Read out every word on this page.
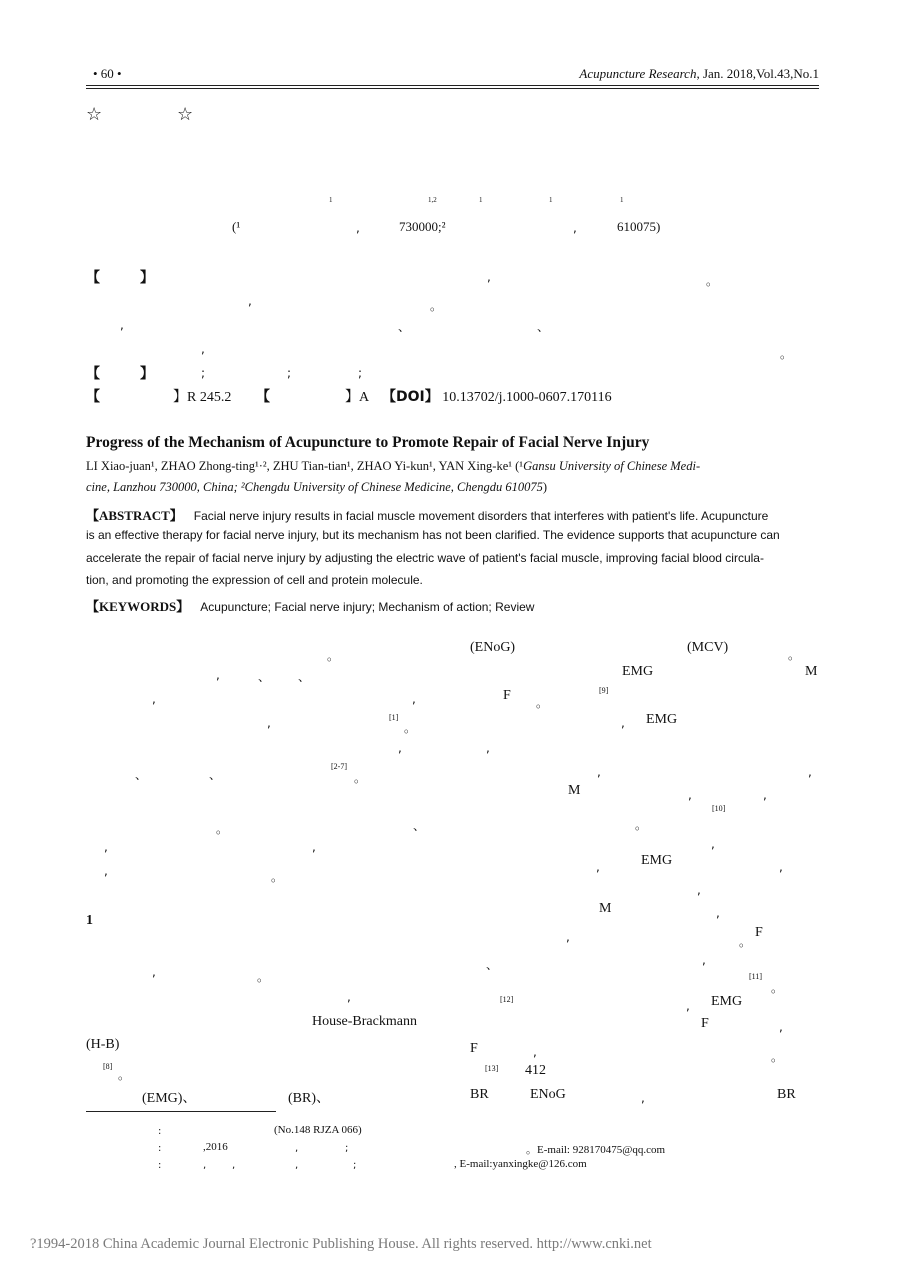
• 60 •	Acupuncture Research, Jan. 2018,Vol.43,No.1
☆	☆
1	1,2	1	1	1
(¹	,	730000;²	,	610075)
【	】	,	。
,	。
,	、	、
,	。
【	】	;	;	;
【	】R 245.2 【	】A 【DOI】 10.13702/j.1000-0607.170116
Progress of the Mechanism of Acupuncture to Promote Repair of Facial Nerve Injury
LI Xiao-juan¹, ZHAO Zhong-ting¹·², ZHU Tian-tian¹, ZHAO Yi-kun¹, YAN Xing-ke¹ (¹Gansu University of Chinese Medi-
cine, Lanzhou 730000, China; ²Chengdu University of Chinese Medicine, Chengdu 610075)
【ABSTRACT】 Facial nerve injury results in facial muscle movement disorders that interferes with patient's life. Acupuncture
is an effective therapy for facial nerve injury, but its mechanism has not been clarified. The evidence supports that acupuncture can
accelerate the repair of facial nerve injury by adjusting the electric wave of patient's facial muscle, improving facial blood circula-
tion, and promoting the expression of cell and protein molecule.
【KEYWORDS】 Acupuncture; Facial nerve injury; Mechanism of action; Review
。
,	、 、
,	,
,	[1]
。
,
、	、
[2-7]
。
。	、
,	,
,	。
1
,	。
,
House-Brackmann
(H-B)
[8]
。
(EMG)、	(BR)、
(ENoG)	(MCV)	。
EMG	M
F 。
[9]
, EMG
,
,	,
M	,	,
[10]
。
,
,	EMG	,
,
M	,
,	。
F
、	,
[11]
。
[12]	, EMG
F	,
F	,	。
[13] 412
BR	ENoG	,	BR
:	(No.148 RJZA 066)
:	,2016	,	;	。E-mail: 928170475@qq.com
:	,	,	,	;	, E-mail:yanxingke@126.com
?1994-2018 China Academic Journal Electronic Publishing House. All rights reserved. http://www.cnki.net
